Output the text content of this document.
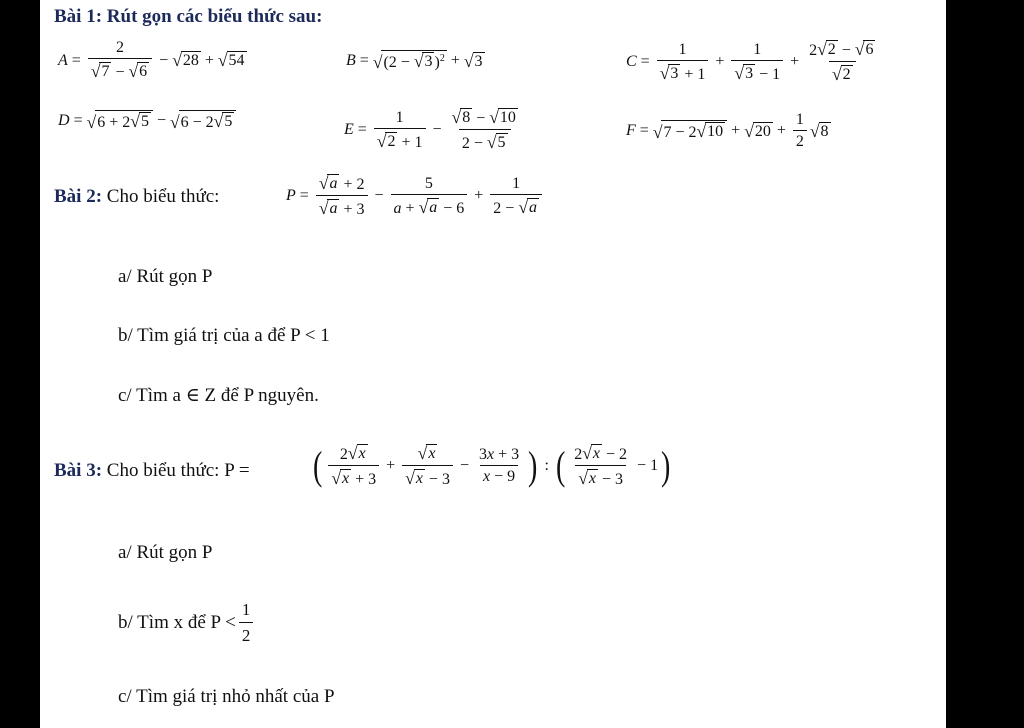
Bài 1: Rút gọn các biểu thức sau:
$A = \frac{2}{√ 7 - √ 6}$ − √ 28 + √ 54	B = √ (2 − √ 3 )$^2$ + √ 3	$C = \frac{1}{√ 3 + 1} + \frac{1}{√ 3 - 1} + \frac{2 √ 2 - √ 6}{√ 2}$
D = √ 6 + 2 √ 5 − √ 6 − 2 √ 5	$E = \frac{1}{√ 2 + 1} - \frac{√ 8 - √ 10}{2 - √ 5}$	F = √ 7 − 2 √ 10 + √ $20 + \frac{1}{2}$ √ 8
Bài 2: Cho biểu thức:	$P = \frac{√ a + 2}{√ a + 3} - \frac{5}{a + √ a - 6} + \frac{1}{2 - √ a}$
a/ Rút gọn P
b/ Tìm giá trị của a để P < 1
c/ Tìm a ∈ Z để P nguyên.
Bài 3: Cho biểu thức: P = ( $\frac{2 √ x}{√ x + 3} + \frac{√ x}{√ x - 3} - \frac{3x + 3}{x - 9}$ ) : ( $\frac{2 √ x - 2}{√ x - 3} - 1$ )
a/ Rút gọn P
b/ Tìm x để $P < \frac{1}{2}$
c/ Tìm giá trị nhỏ nhất của P
